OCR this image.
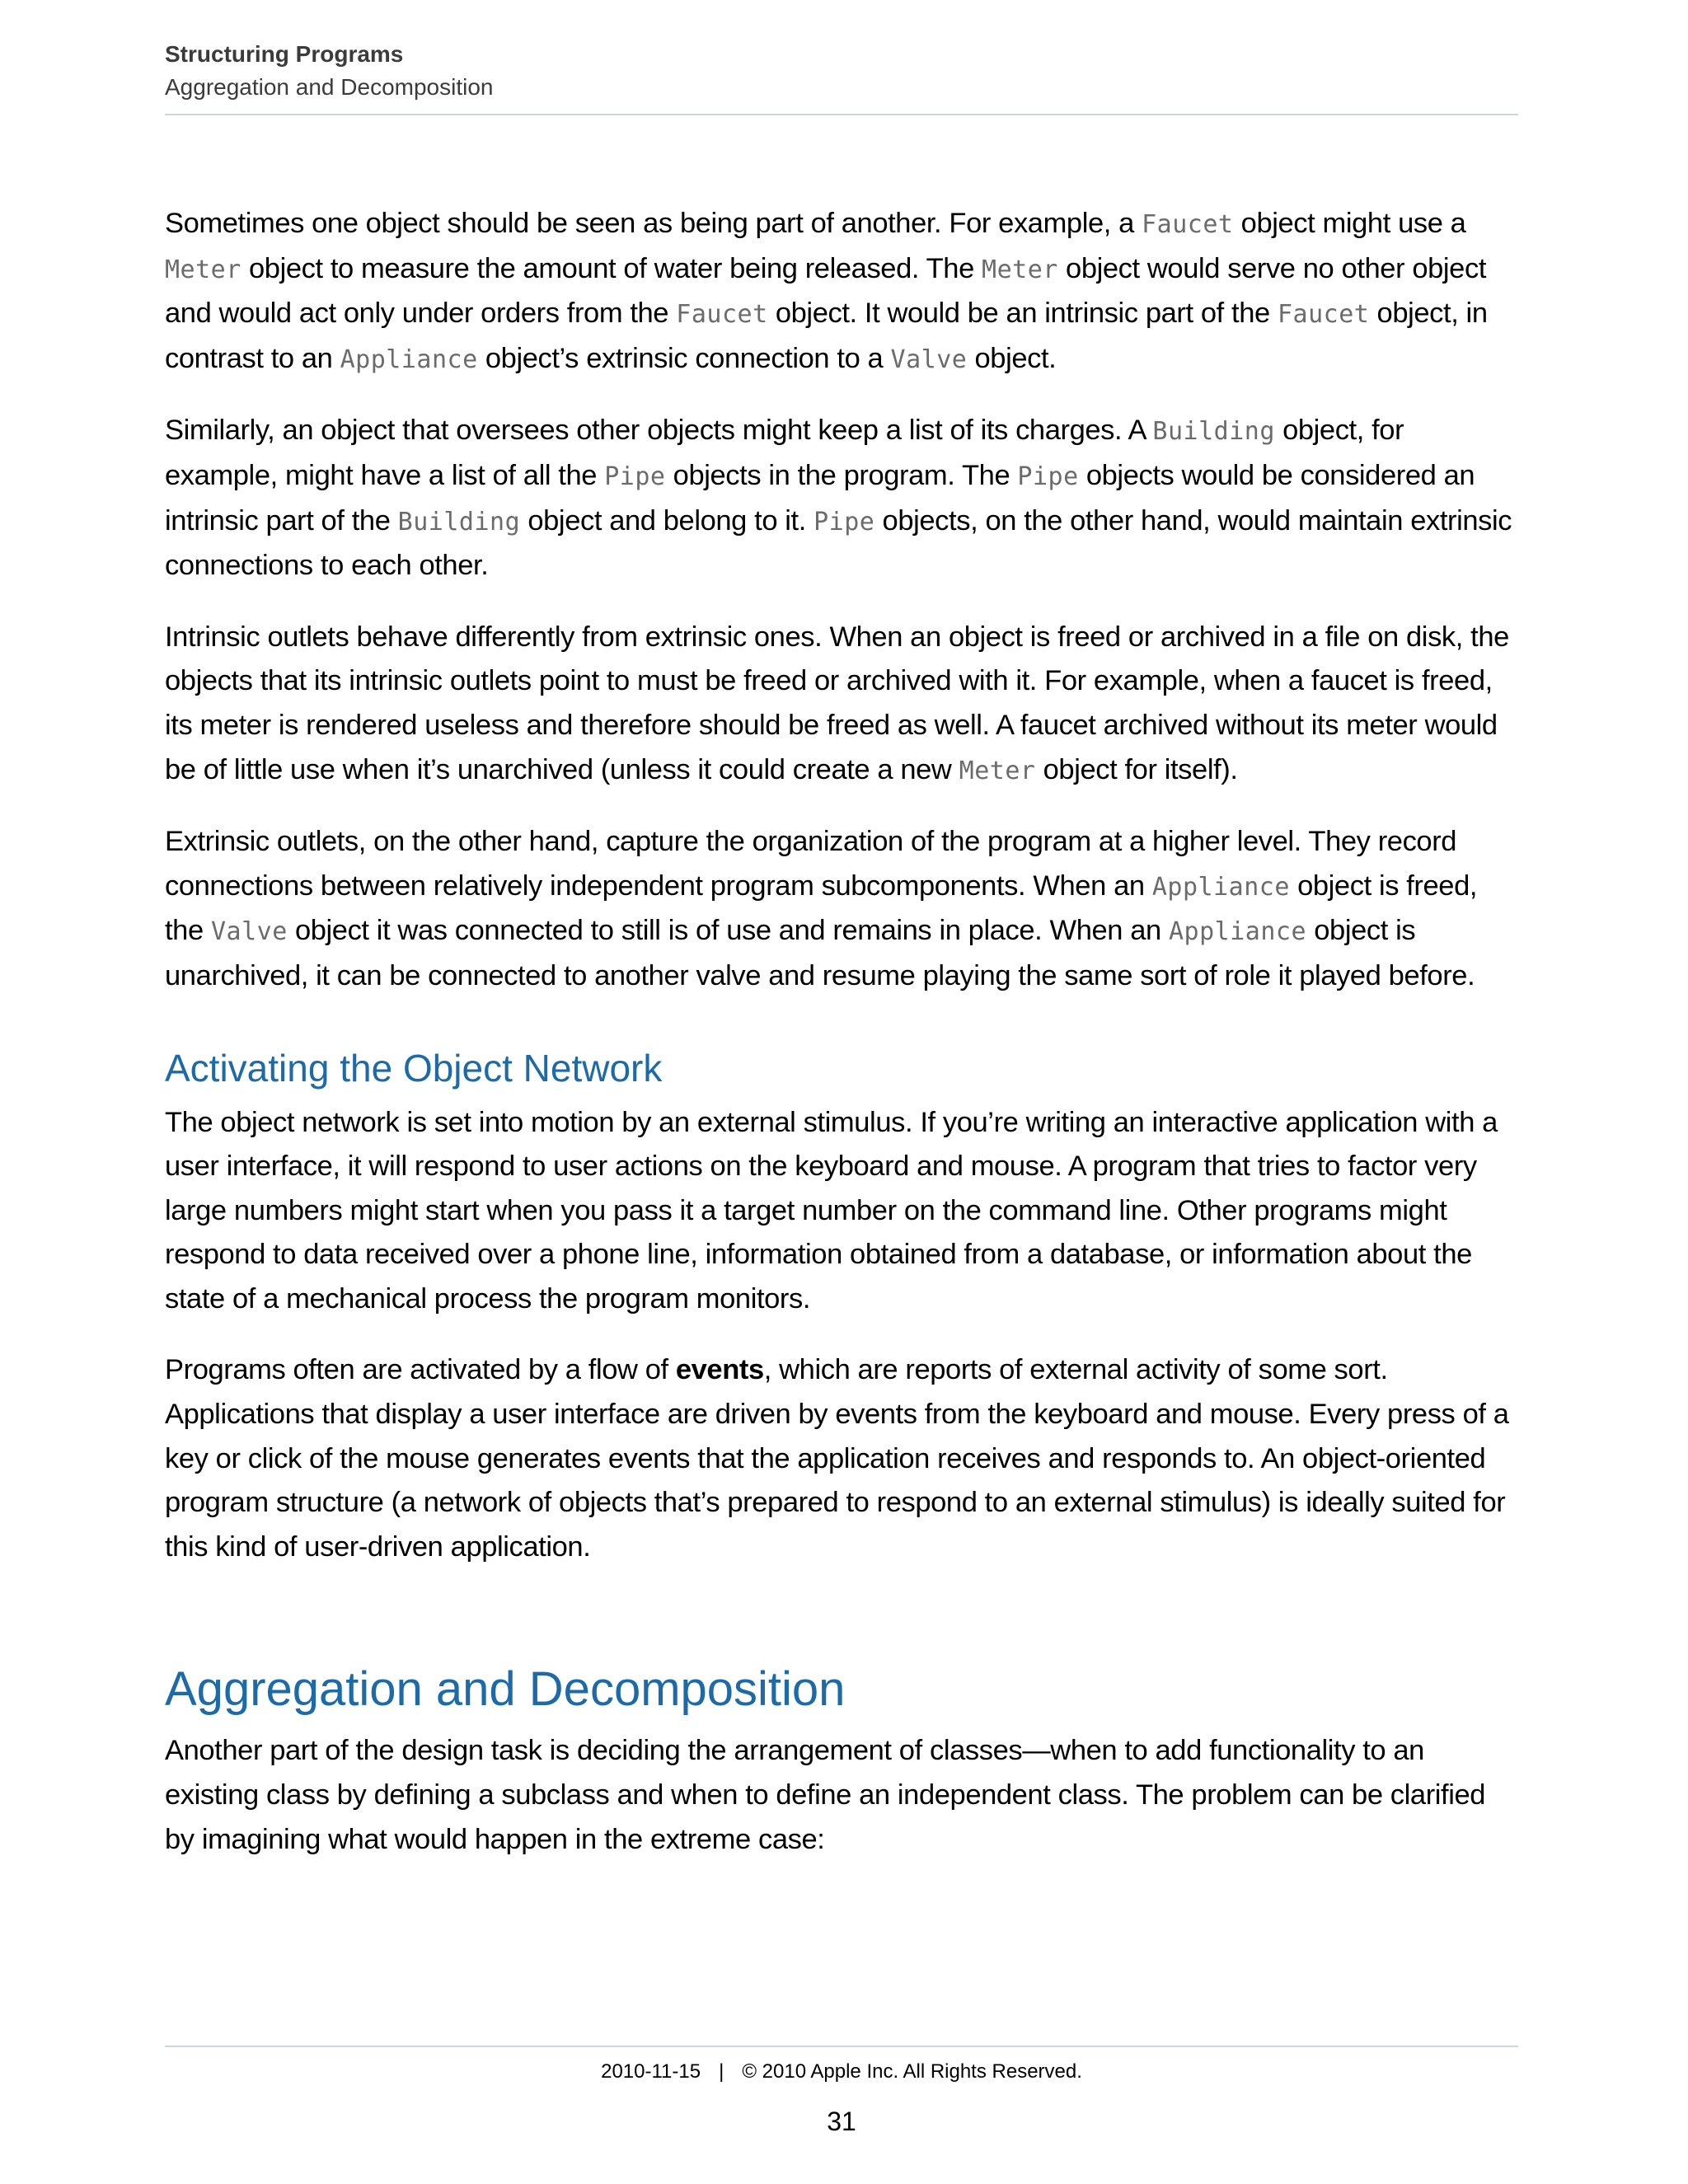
Structuring Programs
Aggregation and Decomposition

Sometimes one object should be seen as being part of another. For example, a Faucet object might use a Meter object to measure the amount of water being released. The Meter object would serve no other object and would act only under orders from the Faucet object. It would be an intrinsic part of the Faucet object, in contrast to an Appliance object’s extrinsic connection to a Valve object.

Similarly, an object that oversees other objects might keep a list of its charges. A Building object, for example, might have a list of all the Pipe objects in the program. The Pipe objects would be considered an intrinsic part of the Building object and belong to it. Pipe objects, on the other hand, would maintain extrinsic connections to each other.

Intrinsic outlets behave differently from extrinsic ones. When an object is freed or archived in a file on disk, the objects that its intrinsic outlets point to must be freed or archived with it. For example, when a faucet is freed, its meter is rendered useless and therefore should be freed as well. A faucet archived without its meter would be of little use when it’s unarchived (unless it could create a new Meter object for itself).

Extrinsic outlets, on the other hand, capture the organization of the program at a higher level. They record connections between relatively independent program subcomponents. When an Appliance object is freed, the Valve object it was connected to still is of use and remains in place. When an Appliance object is unarchived, it can be connected to another valve and resume playing the same sort of role it played before.

Activating the Object Network

The object network is set into motion by an external stimulus. If you’re writing an interactive application with a user interface, it will respond to user actions on the keyboard and mouse. A program that tries to factor very large numbers might start when you pass it a target number on the command line. Other programs might respond to data received over a phone line, information obtained from a database, or information about the state of a mechanical process the program monitors.

Programs often are activated by a flow of events, which are reports of external activity of some sort. Applications that display a user interface are driven by events from the keyboard and mouse. Every press of a key or click of the mouse generates events that the application receives and responds to. An object-oriented program structure (a network of objects that’s prepared to respond to an external stimulus) is ideally suited for this kind of user-driven application.

Aggregation and Decomposition

Another part of the design task is deciding the arrangement of classes—when to add functionality to an existing class by defining a subclass and when to define an independent class. The problem can be clarified by imagining what would happen in the extreme case:

2010-11-15 | © 2010 Apple Inc. All Rights Reserved.
31
